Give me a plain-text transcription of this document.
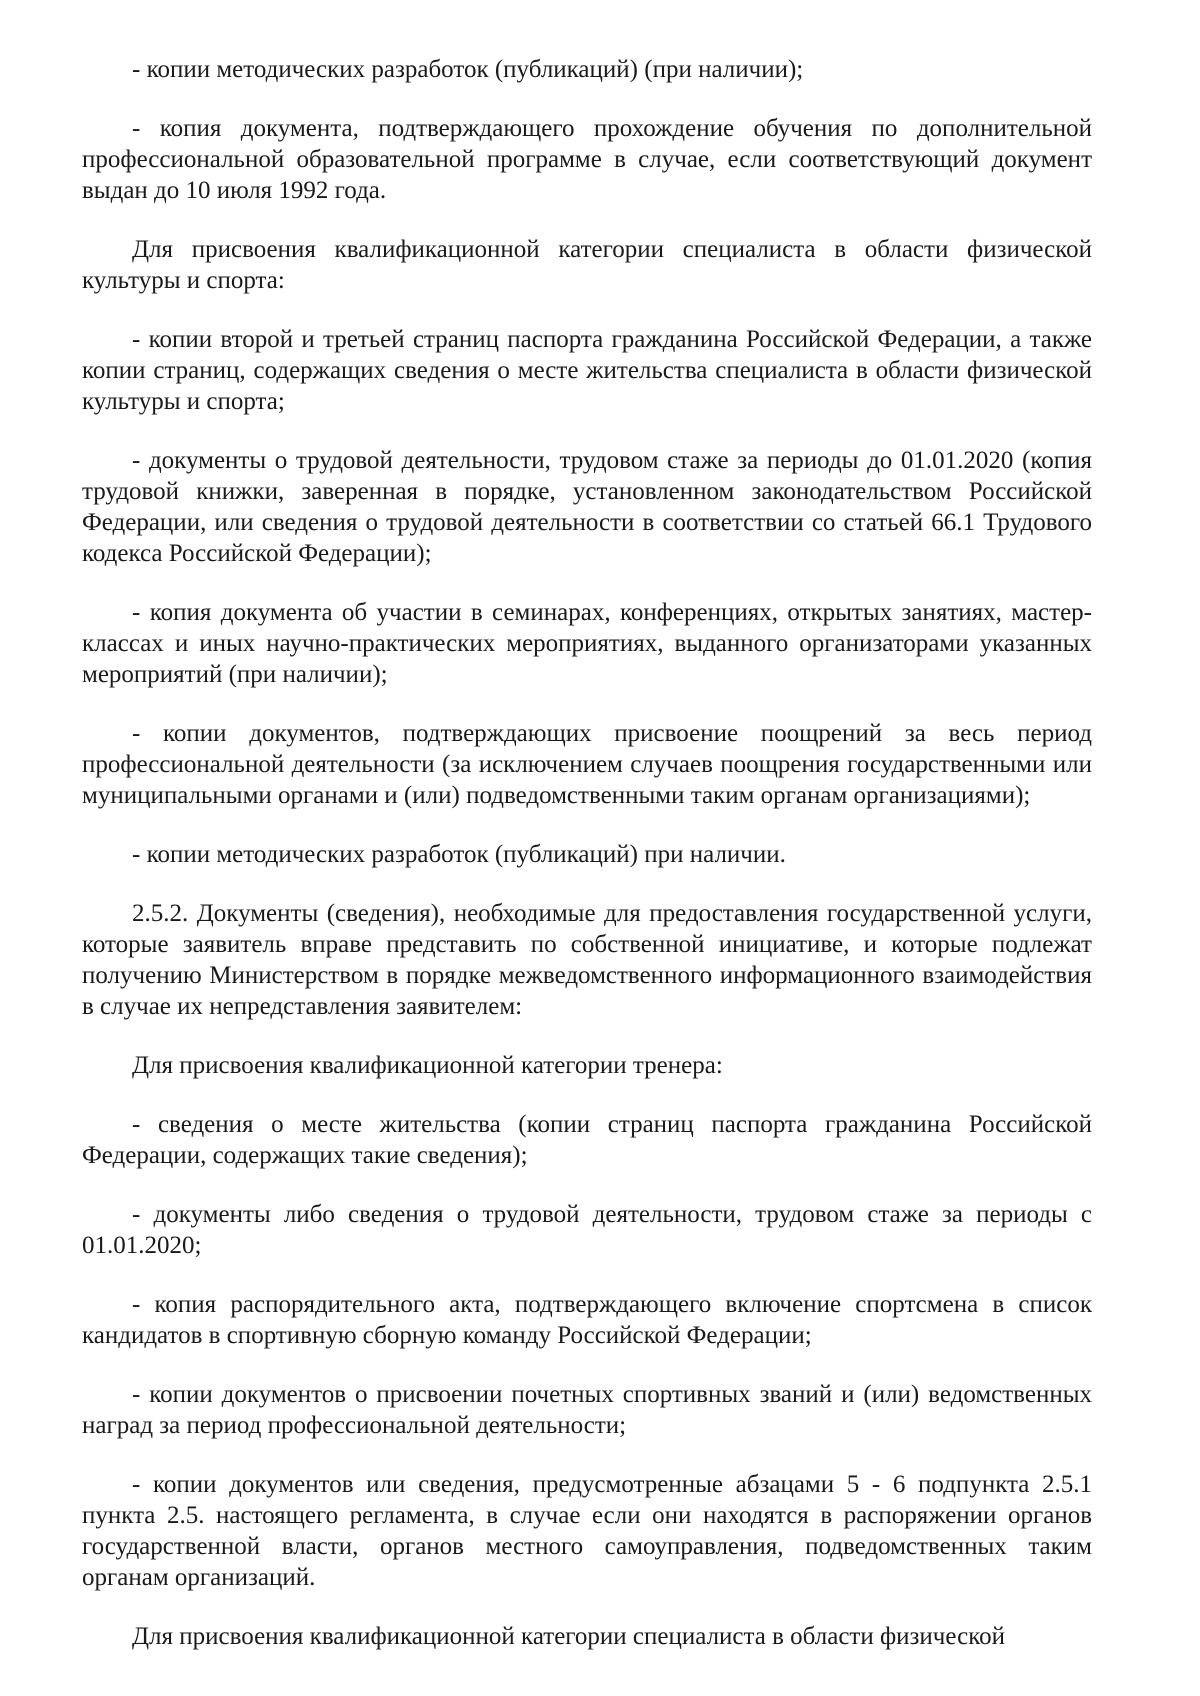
- копии методических разработок (публикаций) (при наличии);

- копия документа, подтверждающего прохождение обучения по дополнительной профессиональной образовательной программе в случае, если соответствующий документ выдан до 10 июля 1992 года.

Для присвоения квалификационной категории специалиста в области физической культуры и спорта:

- копии второй и третьей страниц паспорта гражданина Российской Федерации, а также копии страниц, содержащих сведения о месте жительства специалиста в области физической культуры и спорта;

- документы о трудовой деятельности, трудовом стаже за периоды до 01.01.2020 (копия трудовой книжки, заверенная в порядке, установленном законодательством Российской Федерации, или сведения о трудовой деятельности в соответствии со статьей 66.1 Трудового кодекса Российской Федерации);

- копия документа об участии в семинарах, конференциях, открытых занятиях, мастер-классах и иных научно-практических мероприятиях, выданного организаторами указанных мероприятий (при наличии);

- копии документов, подтверждающих присвоение поощрений за весь период профессиональной деятельности (за исключением случаев поощрения государственными или муниципальными органами и (или) подведомственными таким органам организациями);

- копии методических разработок (публикаций) при наличии.

2.5.2. Документы (сведения), необходимые для предоставления государственной услуги, которые заявитель вправе представить по собственной инициативе, и которые подлежат получению Министерством в порядке межведомственного информационного взаимодействия в случае их непредставления заявителем:

Для присвоения квалификационной категории тренера:

- сведения о месте жительства (копии страниц паспорта гражданина Российской Федерации, содержащих такие сведения);

- документы либо сведения о трудовой деятельности, трудовом стаже за периоды с 01.01.2020;

- копия распорядительного акта, подтверждающего включение спортсмена в список кандидатов в спортивную сборную команду Российской Федерации;

- копии документов о присвоении почетных спортивных званий и (или) ведомственных наград за период профессиональной деятельности;

- копии документов или сведения, предусмотренные абзацами 5 - 6 подпункта 2.5.1 пункта 2.5. настоящего регламента, в случае если они находятся в распоряжении органов государственной власти, органов местного самоуправления, подведомственных таким органам организаций.

Для присвоения квалификационной категории специалиста в области физической
